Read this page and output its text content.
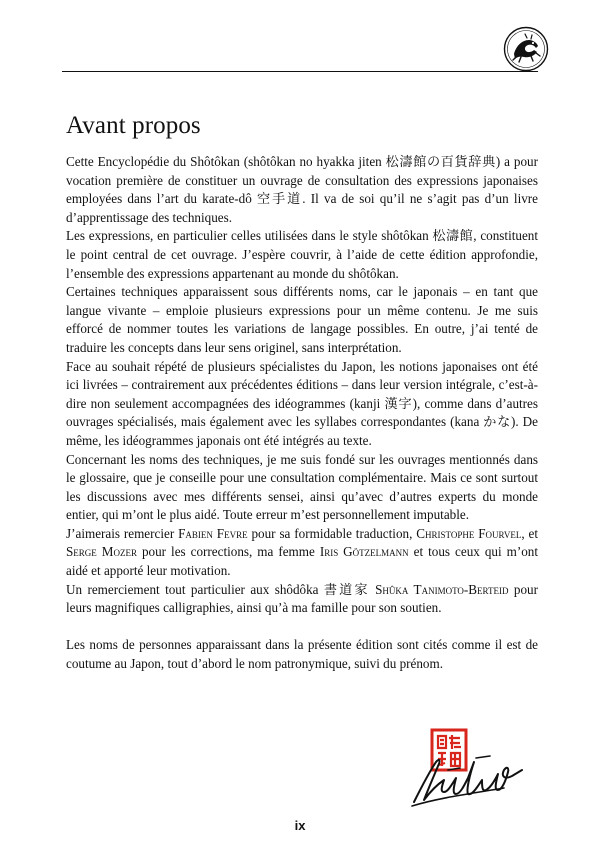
Avant propos

Cette Encyclopédie du Shôtôkan (shôtôkan no hyakka jiten 松濤館の百貨辞典) a pour vocation première de constituer un ouvrage de consultation des expressions japonaises employées dans l’art du karate-dô 空手道. Il va de soi qu’il ne s’agit pas d’un livre d’apprentissage des techniques.

Les expressions, en particulier celles utilisées dans le style shôtôkan 松濤館, constituent le point central de cet ouvrage. J’espère couvrir, à l’aide de cette édition approfondie, l’ensemble des expressions appartenant au monde du shôtôkan.

Certaines techniques apparaissent sous différents noms, car le japonais – en tant que langue vivante – emploie plusieurs expressions pour un même contenu. Je me suis efforcé de nommer toutes les variations de langage possibles. En outre, j’ai tenté de traduire les concepts dans leur sens originel, sans interprétation.

Face au souhait répété de plusieurs spécialistes du Japon, les notions japonaises ont été ici livrées – contrairement aux précédentes éditions – dans leur version intégrale, c’est-à-dire non seulement accompagnées des idéogrammes (kanji 漢字), comme dans d’autres ouvrages spécialisés, mais également avec les syllabes correspondantes (kana かな). De même, les idéogrammes japonais ont été intégrés au texte.

Concernant les noms des techniques, je me suis fondé sur les ouvrages mentionnés dans le glossaire, que je conseille pour une consultation complémentaire. Mais ce sont surtout les discussions avec mes différents sensei, ainsi qu’avec d’autres experts du monde entier, qui m’ont le plus aidé. Toute erreur m’est personnellement imputable.

J’aimerais remercier Fabien Fevre pour sa formidable traduction, Christophe Fourvel, et Serge Mozer pour les corrections, ma femme Iris Götzelmann et tous ceux qui m’ont aidé et apporté leur motivation.

Un remerciement tout particulier aux shôdôka 書道家 Shûka Tanimoto-Berteid pour leurs magnifiques calligraphies, ainsi qu’à ma famille pour son soutien.

Les noms de personnes apparaissant dans la présente édition sont cités comme il est de coutume au Japon, tout d’abord le nom patronymique, suivi du prénom.

ix
